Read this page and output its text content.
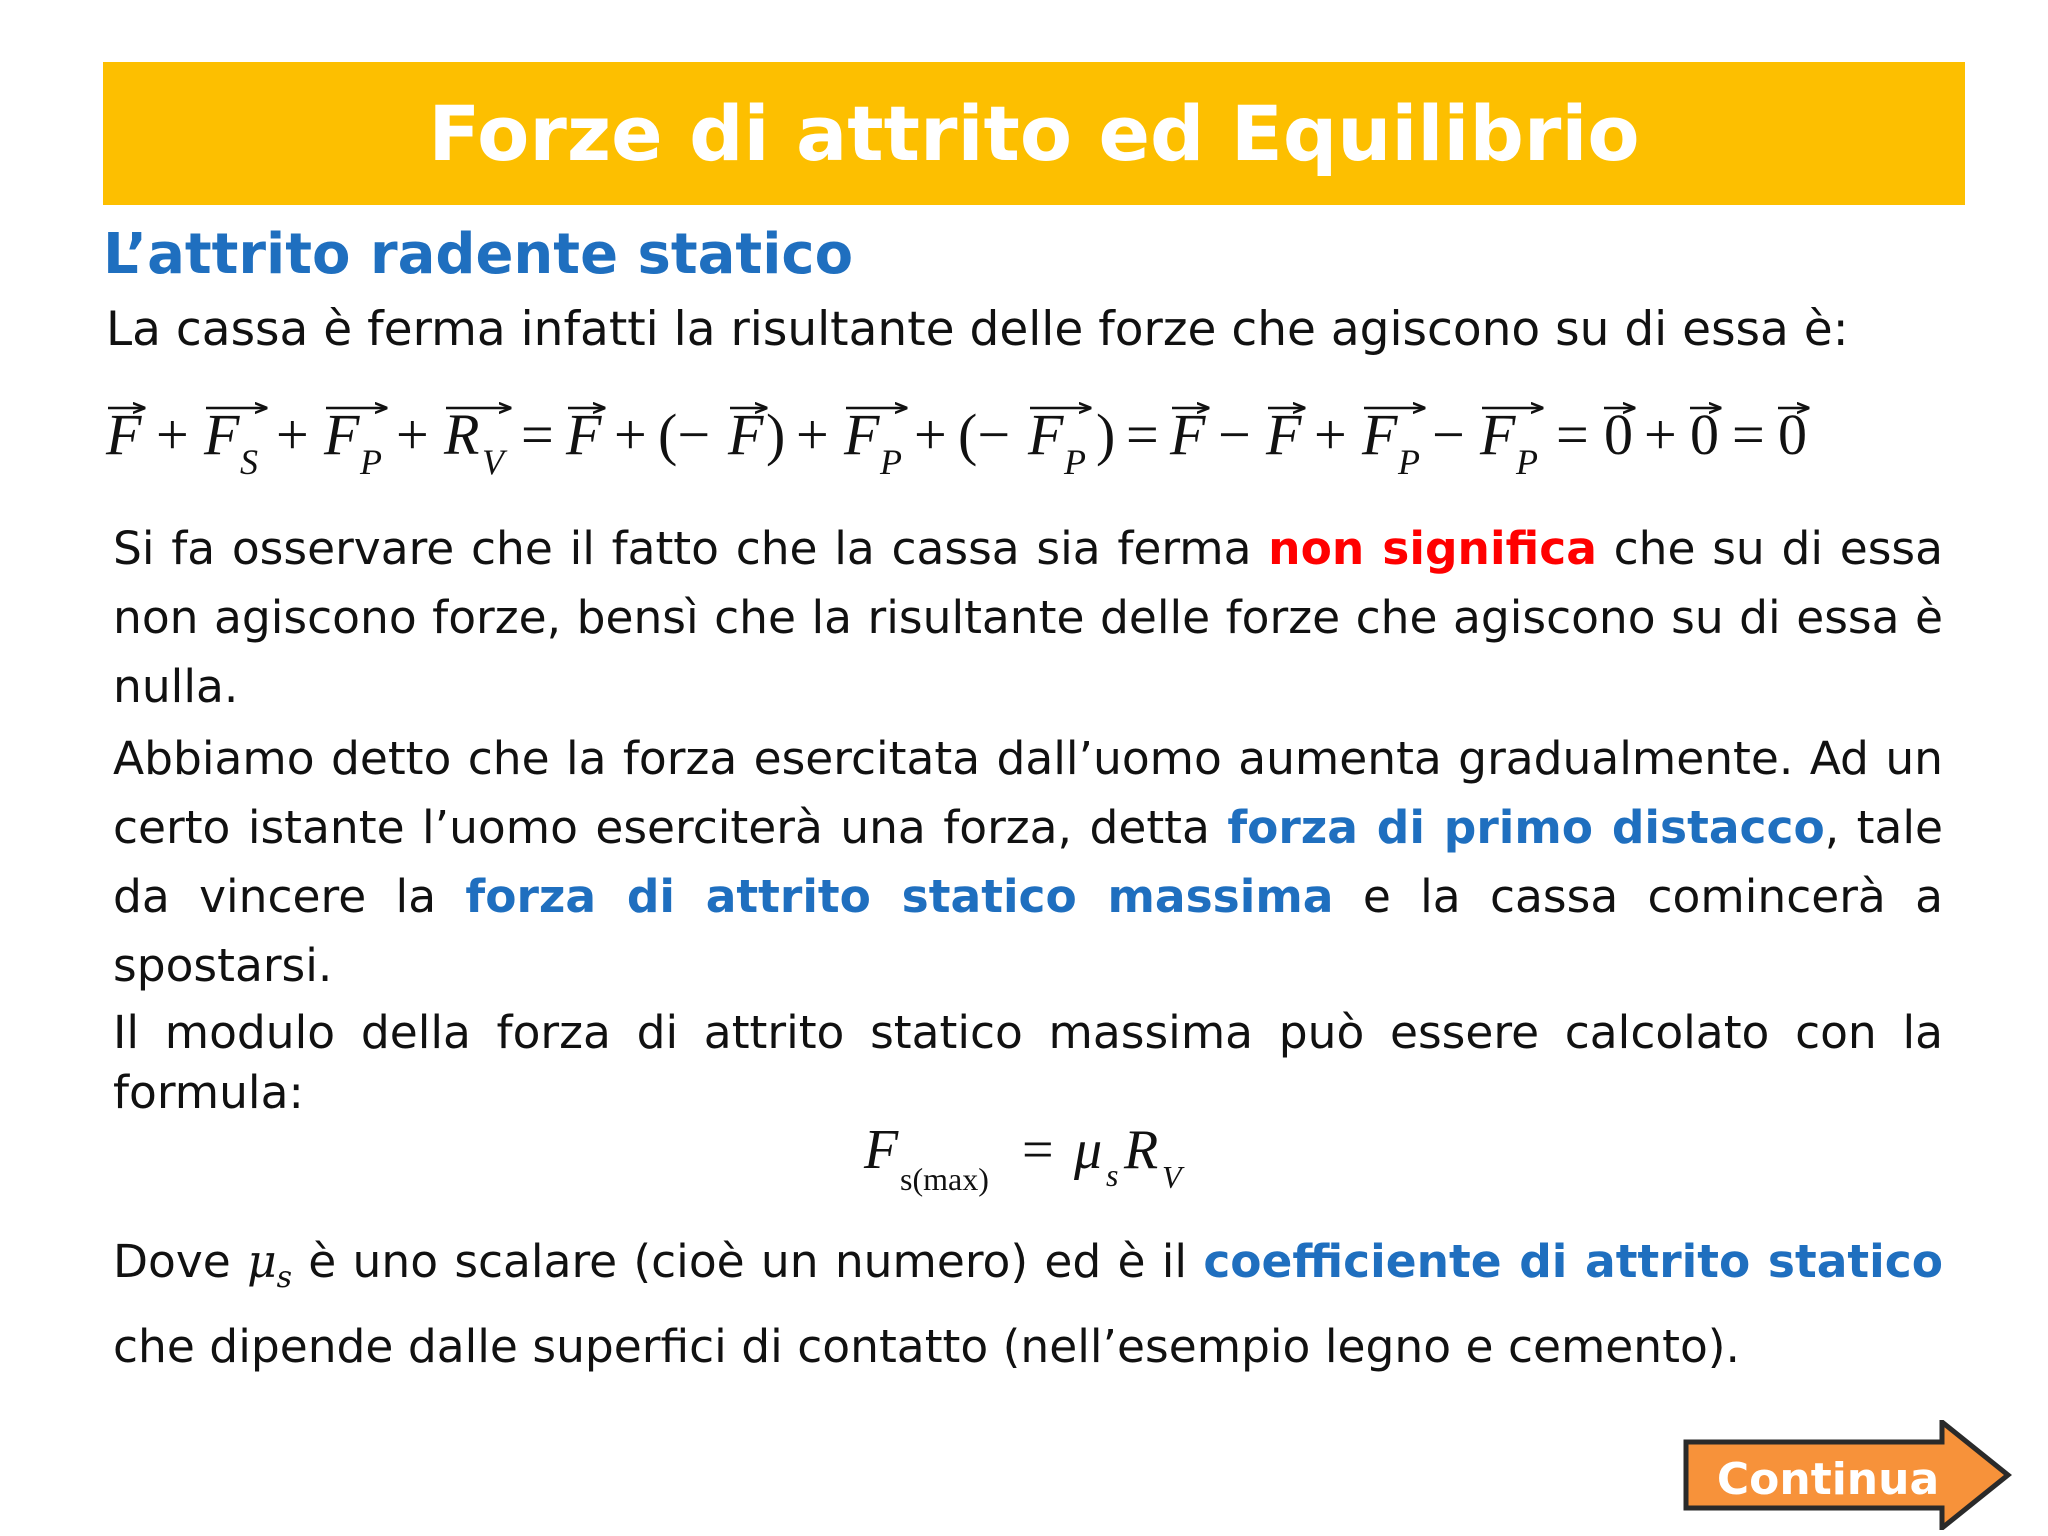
Forze di attrito ed Equilibrio
L’attrito radente statico

La cassa è ferma infatti la risultante delle forze che agiscono su di essa è:

F + F S + F P + R V = F + (− F ) + F P + (− F P ) = F − F + F P − F P = 0 + 0 = 0

Si fa osservare che il fatto che la cassa sia ferma non significa che su di essa non agiscono forze, bensì che la risultante delle forze che agiscono su di essa è nulla.

Abbiamo detto che la forza esercitata dall’uomo aumenta gradualmente. Ad un certo istante l’uomo eserciterà una forza, detta forza di primo distacco, tale da vincere la forza di attrito statico massima e la cassa comincerà a spostarsi.

Il modulo della forza di attrito statico massima può essere calcolato con la formula:

F s(max) = μ s R V

Dove $\mu_s$ è uno scalare (cioè un numero) ed è il coefficiente di attrito statico che dipende dalle superfici di contatto (nell’esempio legno e cemento).

Continua
